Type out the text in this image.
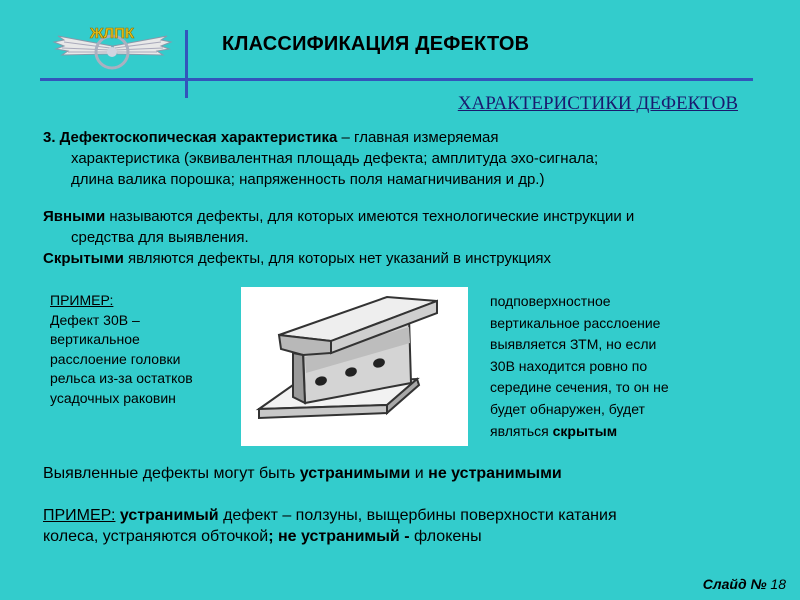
ЖЛПК	КЛАССИФИКАЦИЯ ДЕФЕКТОВ
ХАРАКТЕРИСТИКИ ДЕФЕКТОВ
3. Дефектоскопическая характеристика – главная измеряемая
характеристика (эквивалентная площадь дефекта; амплитуда эхо-сигнала;
длина валика порошка; напряженность поля намагничивания и др.)
Явными называются дефекты, для которых имеются технологические инструкции и
средства для выявления.
Скрытыми являются дефекты, для которых нет указаний в инструкциях
ПРИМЕР:
Дефект 30В –
вертикальное
расслоение головки
рельса из-за остатков
усадочных раковин
подповерхностное
вертикальное расслоение
выявляется ЗТМ, но если
30В находится ровно по
середине сечения, то он не
будет обнаружен, будет
являться скрытым
Выявленные дефекты могут быть устранимыми и не устранимыми
ПРИМЕР: устранимый дефект – ползуны, выщербины поверхности катания
колеса, устраняются обточкой; не устранимый - флокены
Слайд № 18
